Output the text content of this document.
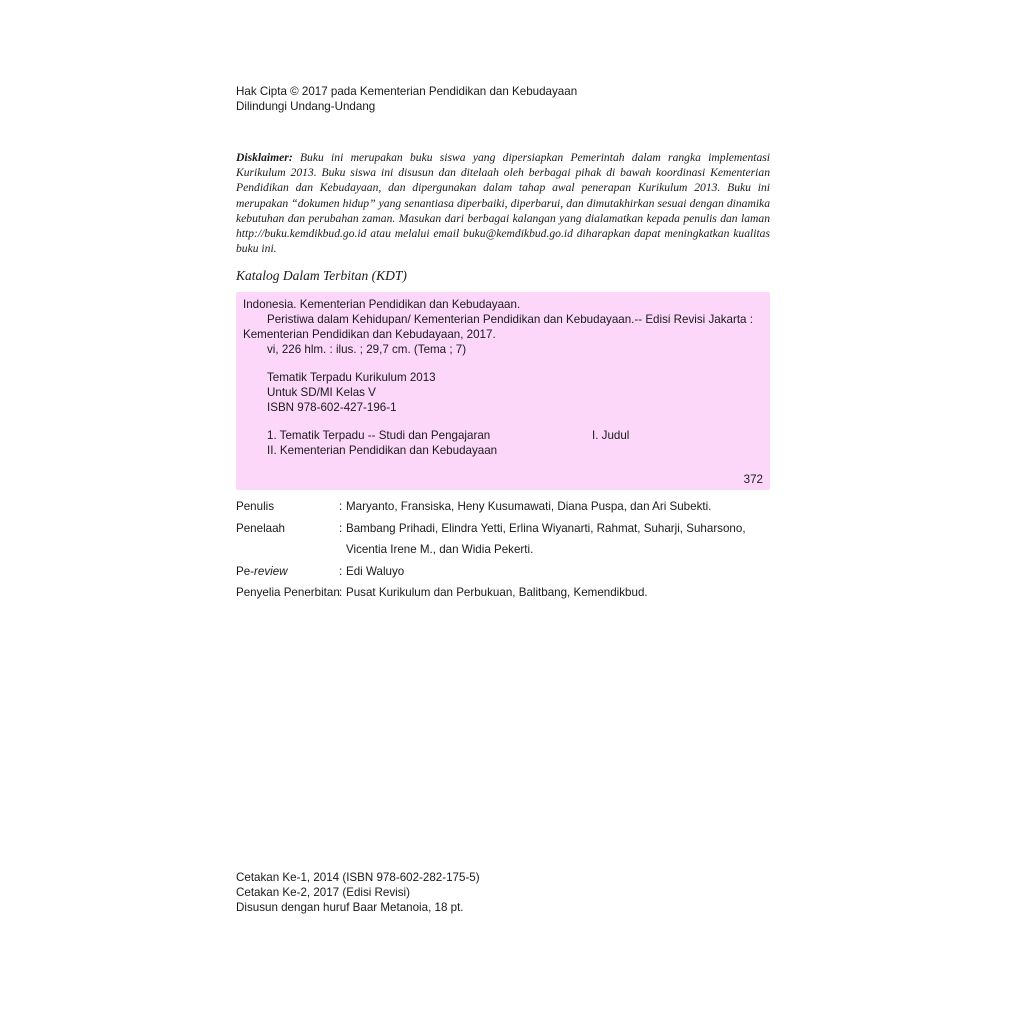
Hak Cipta © 2017 pada Kementerian Pendidikan dan Kebudayaan
Dilindungi Undang-Undang
Disklaimer: Buku ini merupakan buku siswa yang dipersiapkan Pemerintah dalam rangka implementasi Kurikulum 2013. Buku siswa ini disusun dan ditelaah oleh berbagai pihak di bawah koordinasi Kementerian Pendidikan dan Kebudayaan, dan dipergunakan dalam tahap awal penerapan Kurikulum 2013. Buku ini merupakan “dokumen hidup” yang senantiasa diperbaiki, diperbarui, dan dimutakhirkan sesuai dengan dinamika kebutuhan dan perubahan zaman. Masukan dari berbagai kalangan yang dialamatkan kepada penulis dan laman http://buku.kemdikbud.go.id atau melalui email buku@kemdikbud.go.id diharapkan dapat meningkatkan kualitas buku ini.
Katalog Dalam Terbitan (KDT)
Indonesia. Kementerian Pendidikan dan Kebudayaan.
Peristiwa dalam Kehidupan/ Kementerian Pendidikan dan Kebudayaan.-- Edisi Revisi Jakarta :
Kementerian Pendidikan dan Kebudayaan, 2017.
vi, 226 hlm. : ilus. ; 29,7 cm. (Tema ; 7)
Tematik Terpadu Kurikulum 2013
Untuk SD/MI Kelas V
ISBN 978-602-427-196-1
1. Tematik Terpadu -- Studi dan Pengajaran	I. Judul
II. Kementerian Pendidikan dan Kebudayaan
372
Penulis	: Maryanto, Fransiska, Heny Kusumawati, Diana Puspa, dan Ari Subekti.
Penelaah	: Bambang Prihadi, Elindra Yetti, Erlina Wiyanarti, Rahmat, Suharji, Suharsono,
Vicentia Irene M., dan Widia Pekerti.
Pe-review	: Edi Waluyo
Penyelia Penerbitan : Pusat Kurikulum dan Perbukuan, Balitbang, Kemendikbud.
Cetakan Ke-1, 2014 (ISBN 978-602-282-175-5)
Cetakan Ke-2, 2017 (Edisi Revisi)
Disusun dengan huruf Baar Metanoia, 18 pt.
